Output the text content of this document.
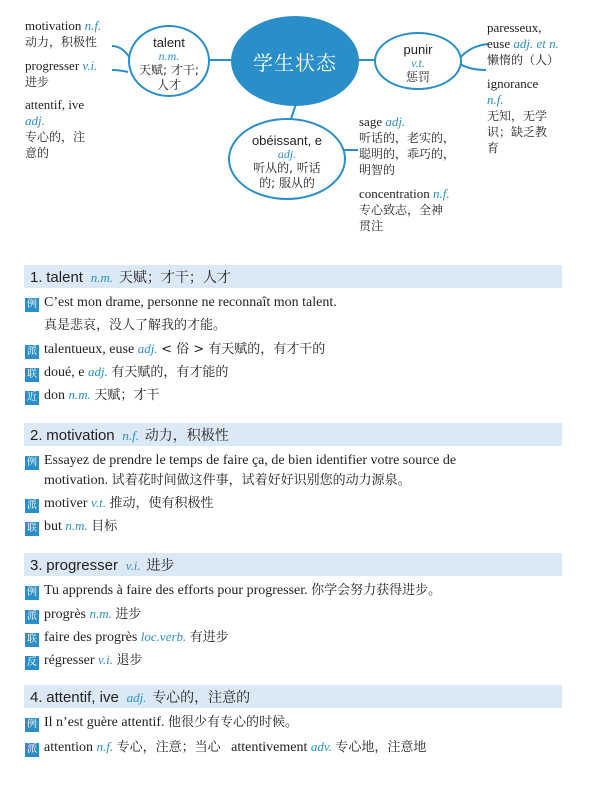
学生状态
talent
n.m.
天赋; 才干;
人才
punir
v.t.
惩罚
obéissant, e
adj.
听从的, 听话
的; 服从的
motivation n.f.
动力，积极性
progresser v.i.
进步
attentif, ive
adj.
专心的，注
意的
paresseux,
euse adj. et n.
懒惰的（人）
ignorance
n.f.
无知，无学
识；缺乏教
育
sage adj.
听话的，老实的，
聪明的，乖巧的，
明智的
concentration n.f.
专心致志，全神
贯注
1. talent n.m. 天赋；才干；人才
例 C’est mon drame, personne ne reconnaît mon talent.
真是悲哀，没人了解我的才能。
派 talentueux, euse adj. < 俗 > 有天赋的，有才干的
联 doué, e adj. 有天赋的，有才能的
近 don n.m. 天赋；才干
2. motivation n.f. 动力，积极性
例 Essayez de prendre le temps de faire ça, de bien identifier votre source de
motivation. 试着花时间做这件事，试着好好识别您的动力源泉。
派 motiver v.t. 推动，使有积极性
联 but n.m. 目标
3. progresser v.i. 进步
例 Tu apprends à faire des efforts pour progresser. 你学会努力获得进步。
派 progrès n.m. 进步
联 faire des progrès loc.verb. 有进步
反 régresser v.i. 退步
4. attentif, ive adj. 专心的，注意的
例 Il n’est guère attentif. 他很少有专心的时候。
派 attention n.f. 专心，注意；当心 attentivement adv. 专心地，注意地
